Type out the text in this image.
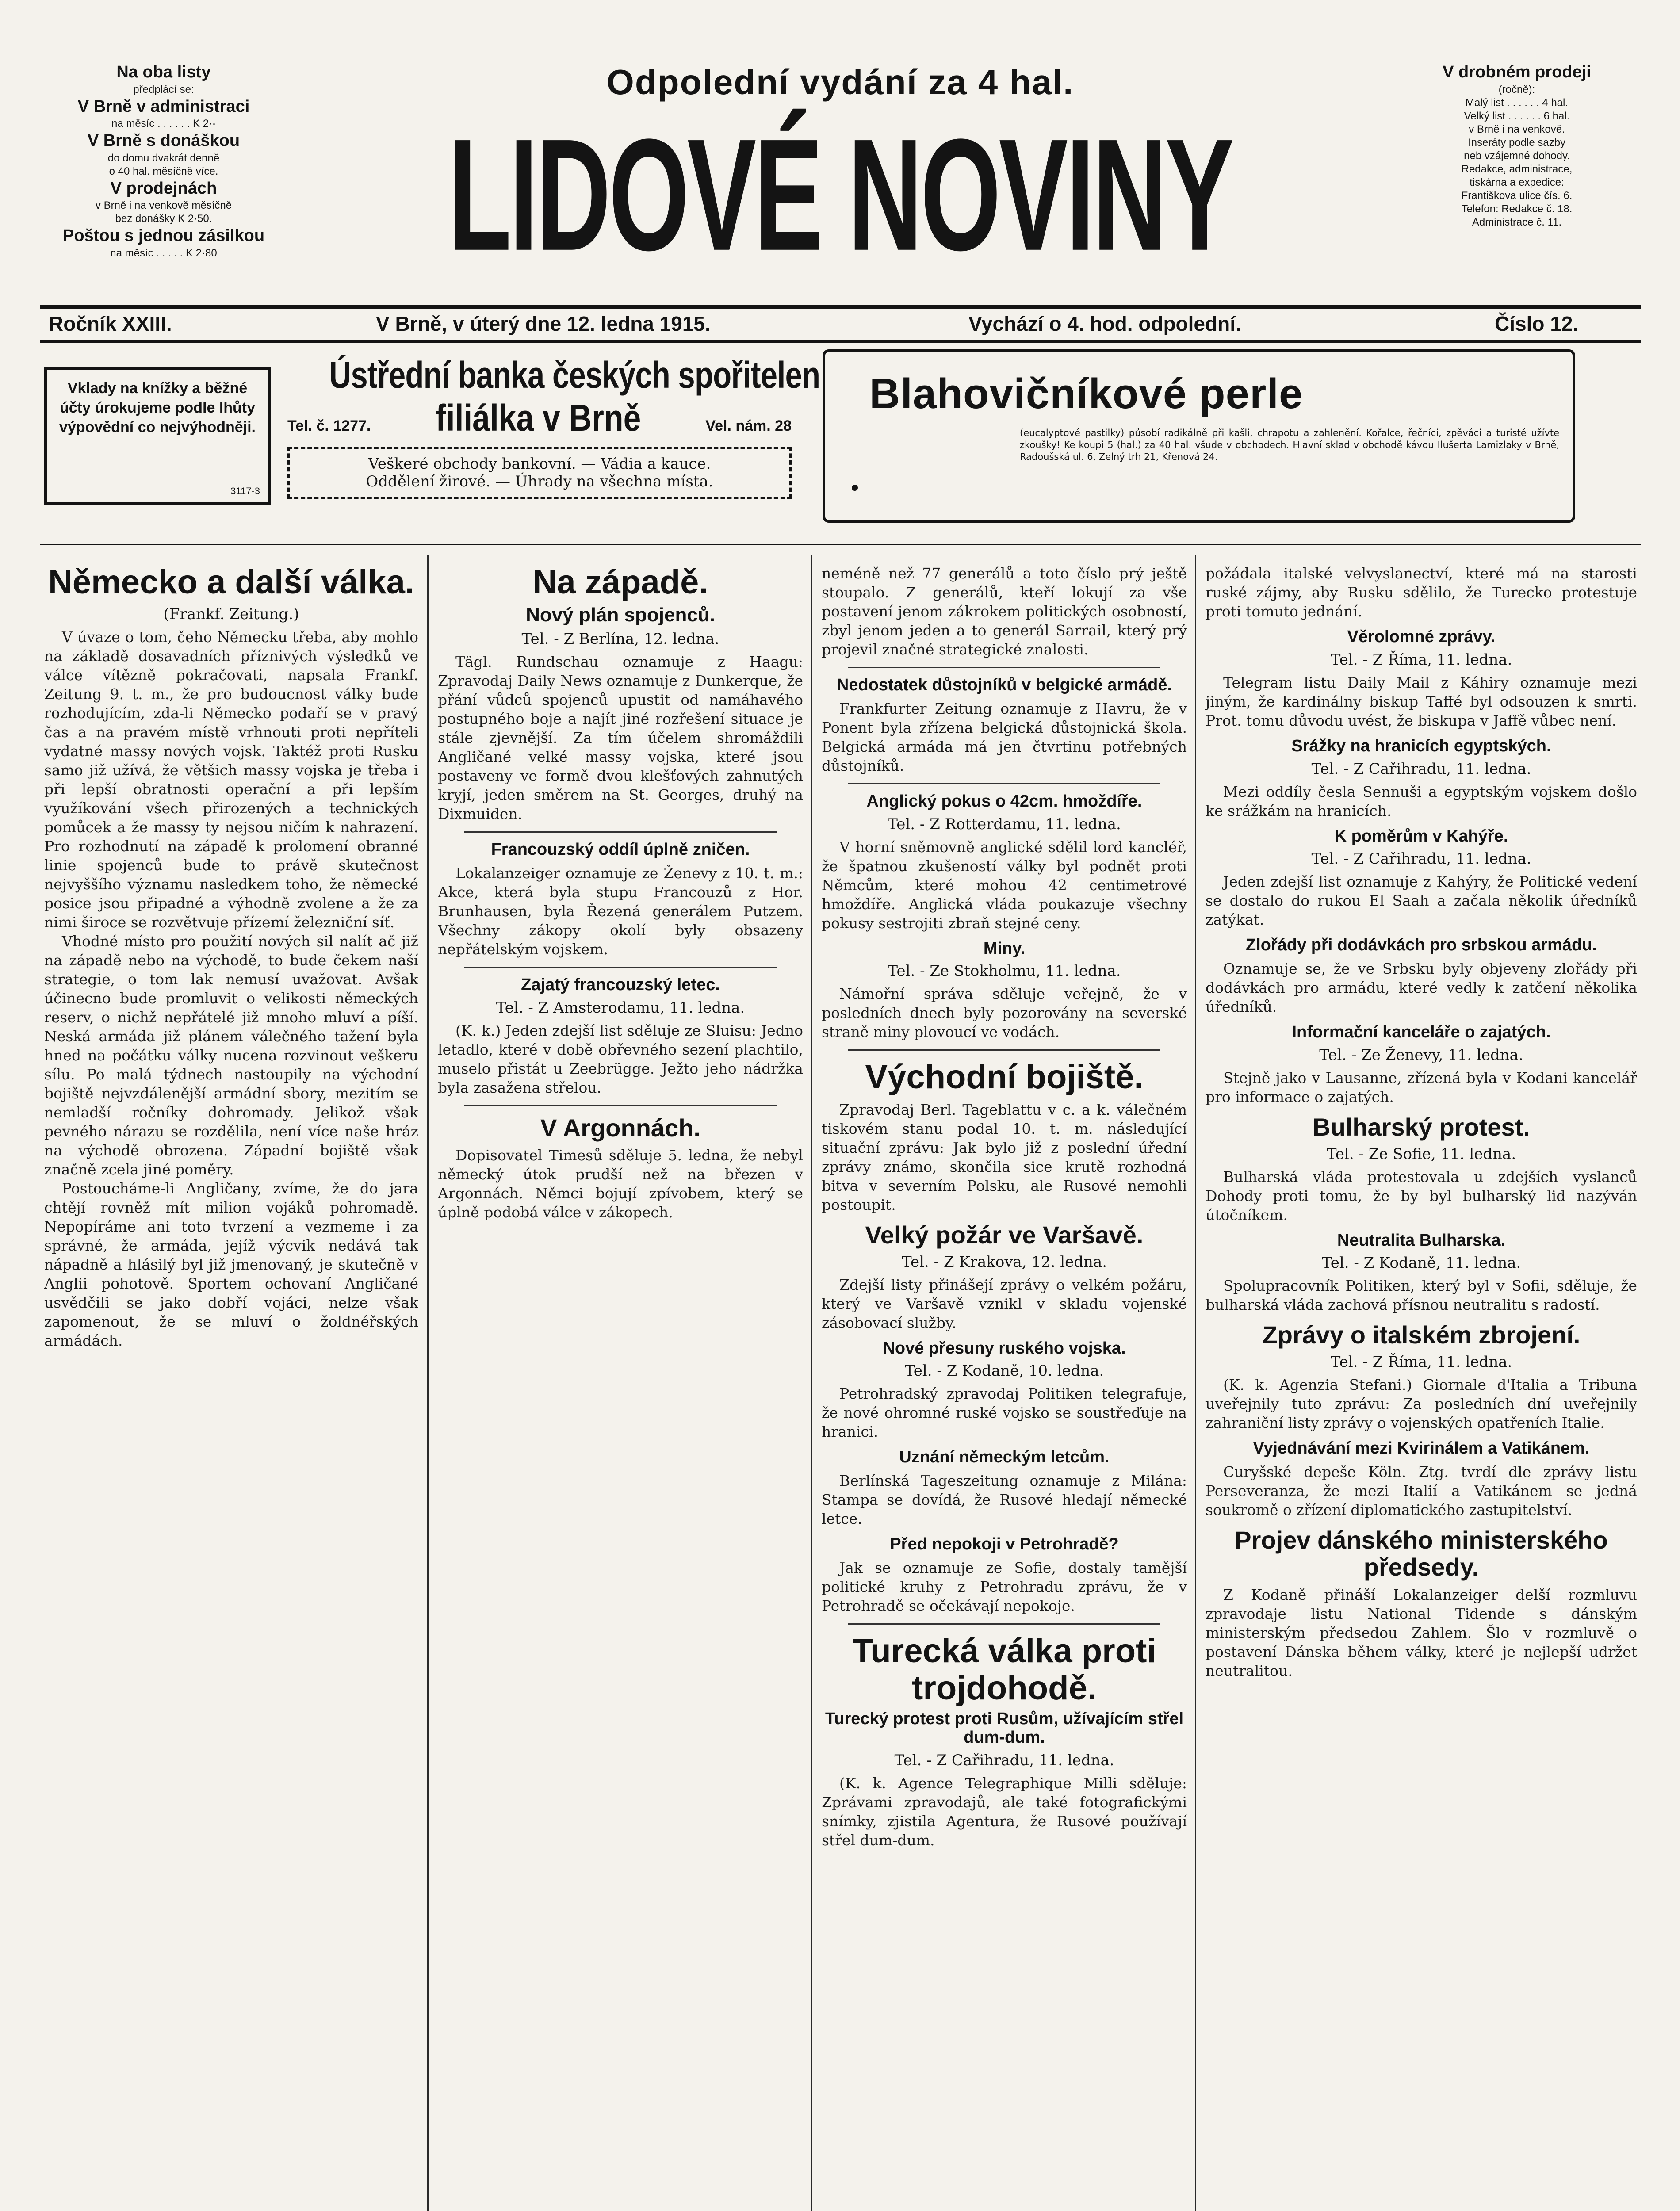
Na oba listy
předplácí se:
V Brně v administraci
na měsíc . . . . . . K 2·-
V Brně s donáškou
do domu dvakrát denně
o 40 hal. měsíčně více.
V prodejnách
v Brně i na venkově měsíčně
bez donášky K 2·50.
Poštou s jednou zásilkou
na měsíc . . . . . K 2·80
Odpolední vydání za 4 hal.
LIDOVÉ NOVINY
V drobném prodeji
(ročně):
Malý list . . . . . . 4 hal.
Velký list . . . . . . 6 hal.
v Brně i na venkově.
Inseráty podle sazby
neb vzájemné dohody.
Redakce, administrace,
tiskárna a expedice:
Františkova ulice čís. 6.
Telefon: Redakce č. 18.
Administrace č. 11.
Ročník XXIII.	V Brně, v úterý dne 12. ledna 1915.	Vychází o 4. hod. odpolední.	Číslo 12.
Vklady na knížky a běžné účty úrokujeme podle lhůty výpovědní co nejvýhodněji.
3117-3
Ústřední banka českých spořitelen
Tel. č. 1277. filiálka v Brně	Vel. nám. 28
Veškeré obchody bankovní. — Vádia a kauce.
Oddělení žirové. — Úhrady na všechna místa.
Blahovičníkové perle
(eucalyptové pastilky) působí radikálně při kašli, chrapotu a zahlenění. Kořalce, řečníci, zpěváci a turisté užívte zkoušky! Ke koupi 5 (hal.) za 40 hal. všude v obchodech. Hlavní sklad v obchodě kávou Ilušerta Lamizlaky v Brně, Radoušská ul. 6, Zelný trh 21, Křenová 24.
Německo a další válka.
(Frankf. Zeitung.)

V úvaze o tom, čeho Německu třeba, aby mohlo na základě dosavadních příznivých výsledků ve válce vítězně pokračovati, napsala Frankf. Zeitung 9. t. m., že pro budoucnost války bude rozhodujícím, zda-li Německo podaří se v pravý čas a na pravém místě vrhnouti proti nepříteli vydatné massy nových vojsk. Taktéž proti Rusku samo již užívá, že většich massy vojska je třeba i při lepší obratnosti operační a při lepším využíkování všech přirozených a technických pomůcek a že massy ty nejsou ničím k nahrazení. Pro rozhodnutí na západě k prolomení obranné linie spojenců bude to právě skutečnost nejvyššího významu nasledkem toho, že německé posice jsou připadné a výhodně zvolene a že za nimi široce se rozvětvuje přízemí železniční síť.

Vhodné místo pro použití nových sil nalít ač již na západě nebo na východě, to bude čekem naší strategie, o tom lak nemusí uvažovat. Avšak účinecno bude promluvit o velikosti německých reserv, o nichž nepřátelé již mnoho mluví a píší. Neská armáda již plánem válečného tažení byla hned na počátku války nucena rozvinout veškeru sílu. Po malá týdnech nastoupily na východní bojiště nejvzdálenější armádní sbory, mezitím se nemladší ročníky dohromady. Jelikož však pevného nárazu se rozdělila, není více naše hráz na východě obrozena. Západní bojiště však značně zcela jiné poměry.

Postoucháme-li Angličany, zvíme, že do jara chtějí rovněž mít milion vojáků pohromadě. Nepopíráme ani toto tvrzení a vezmeme i za správné, že armáda, jejíž výcvik nedává tak nápadně a hlásilý byl již jmenovaný, je skutečně v Anglii pohotově. Sportem ochovaní Angličané usvědčili se jako dobří vojáci, nelze však zapomenout, že se mluví o žoldnéřských armádách.

Na západě.
Nový plán spojenců.
Tel. - Z Berlína, 12. ledna.

Tägl. Rundschau oznamuje z Haagu: Zpravodaj Daily News oznamuje z Dunkerque, že přání vůdců spojenců upustit od namáhavého postupného boje a najít jiné rozřešení situace je stále zjevnější. Za tím účelem shromáždili Angličané velké massy vojska, které jsou postaveny ve formě dvou klešťových zahnutých kryjí, jeden směrem na St. Georges, druhý na Dixmuiden.

Francouzský oddíl úplně zničen.

Lokalanzeiger oznamuje ze Ženevy z 10. t. m.: Akce, která byla stupu Francouzů z Hor. Brunhausen, byla Řezená generálem Putzem. Všechny zákopy okolí byly obsazeny nepřátelským vojskem.

Zajatý francouzský letec.
Tel. - Z Amsterodamu, 11. ledna.

(K. k.) Jeden zdejší list sděluje ze Sluisu: Jedno letadlo, které v době obřevného sezení plachtilo, muselo přistát u Zeebrügge. Ježto jeho nádržka byla zasažena střelou.

V Argonnách.

Dopisovatel Timesů sděluje 5. ledna, že nebyl německý útok prudší než na březen v Argonnách. Němci bojují zpívobem, který se úplně podobá válce v zákopech.

neméně než 77 generálů a toto číslo prý ještě stoupalo. Z generálů, kteří lokují za vše postavení jenom zákrokem politických osobností, zbyl jenom jeden a to generál Sarrail, který prý projevil značné strategické znalosti.

Nedostatek důstojníků v belgické armádě.

Frankfurter Zeitung oznamuje z Havru, že v Ponent byla zřízena belgická důstojnická škola. Belgická armáda má jen čtvrtinu potřebných důstojníků.

Anglický pokus o 42cm. hmoždíře.
Tel. - Z Rotterdamu, 11. ledna.

V horní sněmovně anglické sdělil lord kancléř, že špatnou zkušeností války byl podnět proti Němcům, které mohou 42 centimetrové hmoždíře. Anglická vláda poukazuje všechny pokusy sestrojiti zbraň stejné ceny.

Miny.
Tel. - Ze Stokholmu, 11. ledna.

Námořní správa sděluje veřejně, že v posledních dnech byly pozorovány na severské straně miny plovoucí ve vodách.

Východní bojiště.

Zpravodaj Berl. Tageblattu v c. a k. válečném tiskovém stanu podal 10. t. m. následující situační zprávu: Jak bylo již z poslední úřední zprávy známo, skončila sice krutě rozhodná bitva v severním Polsku, ale Rusové nemohli postoupit.

Velký požár ve Varšavě.
Tel. - Z Krakova, 12. ledna.

Zdejší listy přinášejí zprávy o velkém požáru, který ve Varšavě vznikl v skladu vojenské zásobovací služby.

Nové přesuny ruského vojska.
Tel. - Z Kodaně, 10. ledna.

Petrohradský zpravodaj Politiken telegrafuje, že nové ohromné ruské vojsko se soustřeďuje na hranici.

Uznání německým letcům.

Berlínská Tageszeitung oznamuje z Milána: Stampa se dovídá, že Rusové hledají německé letce.

Před nepokoji v Petrohradě?

Jak se oznamuje ze Sofie, dostaly tamější politické kruhy z Petrohradu zprávu, že v Petrohradě se očekávají nepokoje.

Turecká válka proti trojdohodě.
Turecký protest proti Rusům, užívajícím střel dum-dum.
Tel. - Z Cařihradu, 11. ledna.

(K. k. Agence Telegraphique Milli sděluje: Zprávami zpravodajů, ale také fotografickými snímky, zjistila Agentura, že Rusové používají střel dum-dum.

požádala italské velvyslanectví, které má na starosti ruské zájmy, aby Rusku sdělilo, že Turecko protestuje proti tomuto jednání.

Věrolomné zprávy.
Tel. - Z Říma, 11. ledna.

Telegram listu Daily Mail z Káhiry oznamuje mezi jiným, že kardinálny biskup Taffé byl odsouzen k smrti. Prot. tomu důvodu uvést, že biskupa v Jaffě vůbec není.

Srážky na hranicích egyptských.
Tel. - Z Cařihradu, 11. ledna.

Mezi oddíly česla Sennuši a egyptským vojskem došlo ke srážkám na hranicích.

K poměrům v Kahýře.
Tel. - Z Cařihradu, 11. ledna.

Jeden zdejší list oznamuje z Kahýry, že Politické vedení se dostalo do rukou El Saah a začala několik úředníků zatýkat.

Zlořády při dodávkách pro srbskou armádu.

Oznamuje se, že ve Srbsku byly objeveny zlořády při dodávkách pro armádu, které vedly k zatčení několika úředníků.

Informační kanceláře o zajatých.
Tel. - Ze Ženevy, 11. ledna.

Stejně jako v Lausanne, zřízená byla v Kodani kancelář pro informace o zajatých.

Bulharský protest.
Tel. - Ze Sofie, 11. ledna.

Bulharská vláda protestovala u zdejších vyslanců Dohody proti tomu, že by byl bulharský lid nazýván útočníkem.

Neutralita Bulharska.
Tel. - Z Kodaně, 11. ledna.

Spolupracovník Politiken, který byl v Sofii, sděluje, že bulharská vláda zachová přísnou neutralitu s radostí.

Zprávy o italském zbrojení.
Tel. - Z Říma, 11. ledna.

(K. k. Agenzia Stefani.) Giornale d'Italia a Tribuna uveřejnily tuto zprávu: Za posledních dní uveřejnily zahraniční listy zprávy o vojenských opatřeních Italie.

Vyjednávání mezi Kvirinálem a Vatikánem.

Curyšské depeše Köln. Ztg. tvrdí dle zprávy listu Perseveranza, že mezi Italií a Vatikánem se jedná soukromě o zřízení diplomatického zastupitelství.

Projev dánského ministerského předsedy.

Z Kodaně přináší Lokalanzeiger delší rozmluvu zpravodaje listu National Tidende s dánským ministerským předsedou Zahlem. Šlo v rozmluvě o postavení Dánska během války, které je nejlepší udržet neutralitou.
